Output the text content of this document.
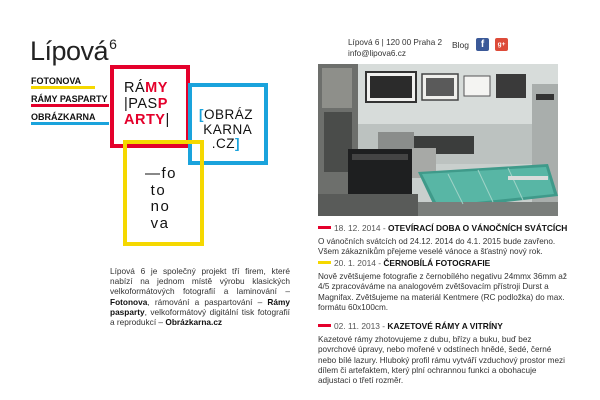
Lípová$^6$
FOTONOVA
RÁMY PASPARTY
OBRÁZKARNA
RÁMY
|PASP
ARTY| [OBRÁZ
KARNA
.CZ]
—fo
to
no
va

Lípová 6 je společný projekt tří firem, které nabízí na jednom místě výrobu klasických velkoformátových fotografií a laminování – Fotonova, rámování a paspartování – Rámy pasparty, velkoformátový digitální tisk fotografií a reprodukcí – Obrázkarna.cz

Lípová 6 | 120 00 Praha 2
info@lipova6.cz
Blog	f	g+
18. 12. 2014 - OTEVÍRACÍ DOBA O VÁNOČNÍCH SVÁTCÍCH

O vánočních svátcích od 24.12. 2014 do 4.1. 2015 bude zavřeno. Všem zákazníkům přejeme veselé vánoce a šťastný nový rok.

20. 1. 2014 - ČERNOBÍLÁ FOTOGRAFIE

Nově zvětšujeme fotografie z černobílého negativu 24mmx 36mm až 4/5 zpracováváme na analogovém zvětšovacím přístroji Durst a Magnifax. Zvětšujeme na materiál Kentmere (RC podložka) do max. formátu 60x100cm.

02. 11. 2013 - KAZETOVÉ RÁMY A VITRÍNY

Kazetové rámy zhotovujeme z dubu, břízy a buku, buď bez povrchové úpravy, nebo mořené v odstínech hnědé, šedé, černé nebo bílé lazury. Hluboký profil rámu vytváří vzduchový prostor mezi dílem či artefaktem, který plní ochrannou funkci a obohacuje adjustaci o třetí rozměr.
